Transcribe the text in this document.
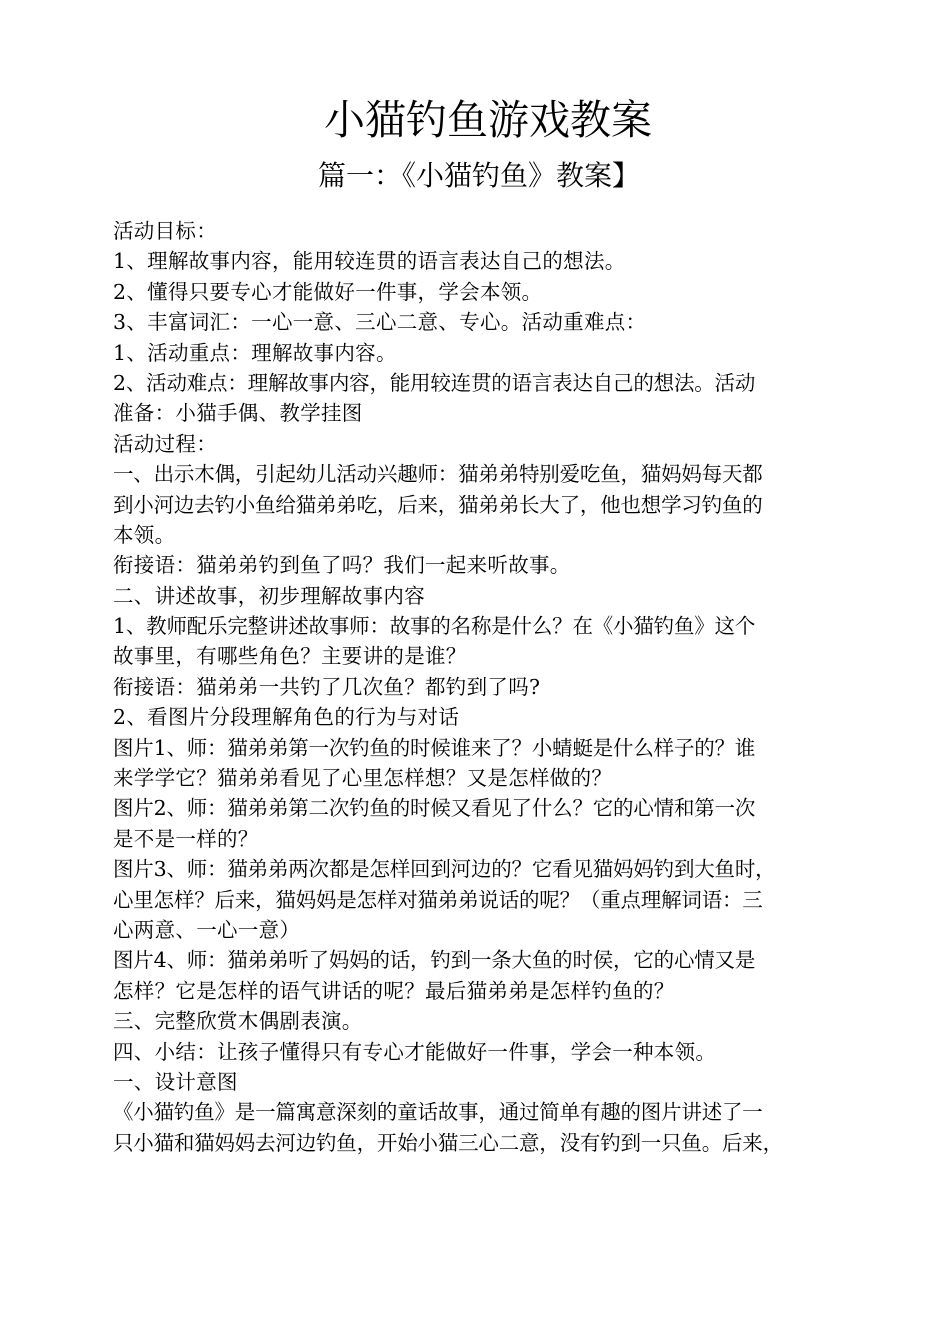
小猫钓鱼游戏教案
篇一：《小猫钓鱼》教案】
活动目标：
1、理解故事内容，能用较连贯的语言表达自己的想法。
2、懂得只要专心才能做好一件事，学会本领。
3、丰富词汇：一心一意、三心二意、专心。活动重难点：
1、活动重点：理解故事内容。
2、活动难点：理解故事内容，能用较连贯的语言表达自己的想法。活动
准备：小猫手偶、教学挂图
活动过程：
一、出示木偶，引起幼儿活动兴趣师：猫弟弟特别爱吃鱼，猫妈妈每天都
到小河边去钓小鱼给猫弟弟吃，后来，猫弟弟长大了，他也想学习钓鱼的
本领。
衔接语：猫弟弟钓到鱼了吗？我们一起来听故事。
二、讲述故事，初步理解故事内容
1、教师配乐完整讲述故事师：故事的名称是什么？在《小猫钓鱼》这个
故事里，有哪些角色？主要讲的是谁？
衔接语：猫弟弟一共钓了几次鱼？都钓到了吗?
2、看图片分段理解角色的行为与对话
图片1、师：猫弟弟第一次钓鱼的时候谁来了？小蜻蜓是什么样子的？谁
来学学它？猫弟弟看见了心里怎样想？又是怎样做的？
图片2、师：猫弟弟第二次钓鱼的时候又看见了什么？它的心情和第一次
是不是一样的？
图片3、师：猫弟弟两次都是怎样回到河边的？它看见猫妈妈钓到大鱼时，
心里怎样？后来，猫妈妈是怎样对猫弟弟说话的呢？（重点理解词语：三
心两意、一心一意）
图片4、师：猫弟弟听了妈妈的话，钓到一条大鱼的时侯，它的心情又是
怎样？它是怎样的语气讲话的呢？最后猫弟弟是怎样钓鱼的？
三、完整欣赏木偶剧表演。
四、小结：让孩子懂得只有专心才能做好一件事，学会一种本领。
一、设计意图
《小猫钓鱼》是一篇寓意深刻的童话故事，通过简单有趣的图片讲述了一
只小猫和猫妈妈去河边钓鱼，开始小猫三心二意，没有钓到一只鱼。后来，
